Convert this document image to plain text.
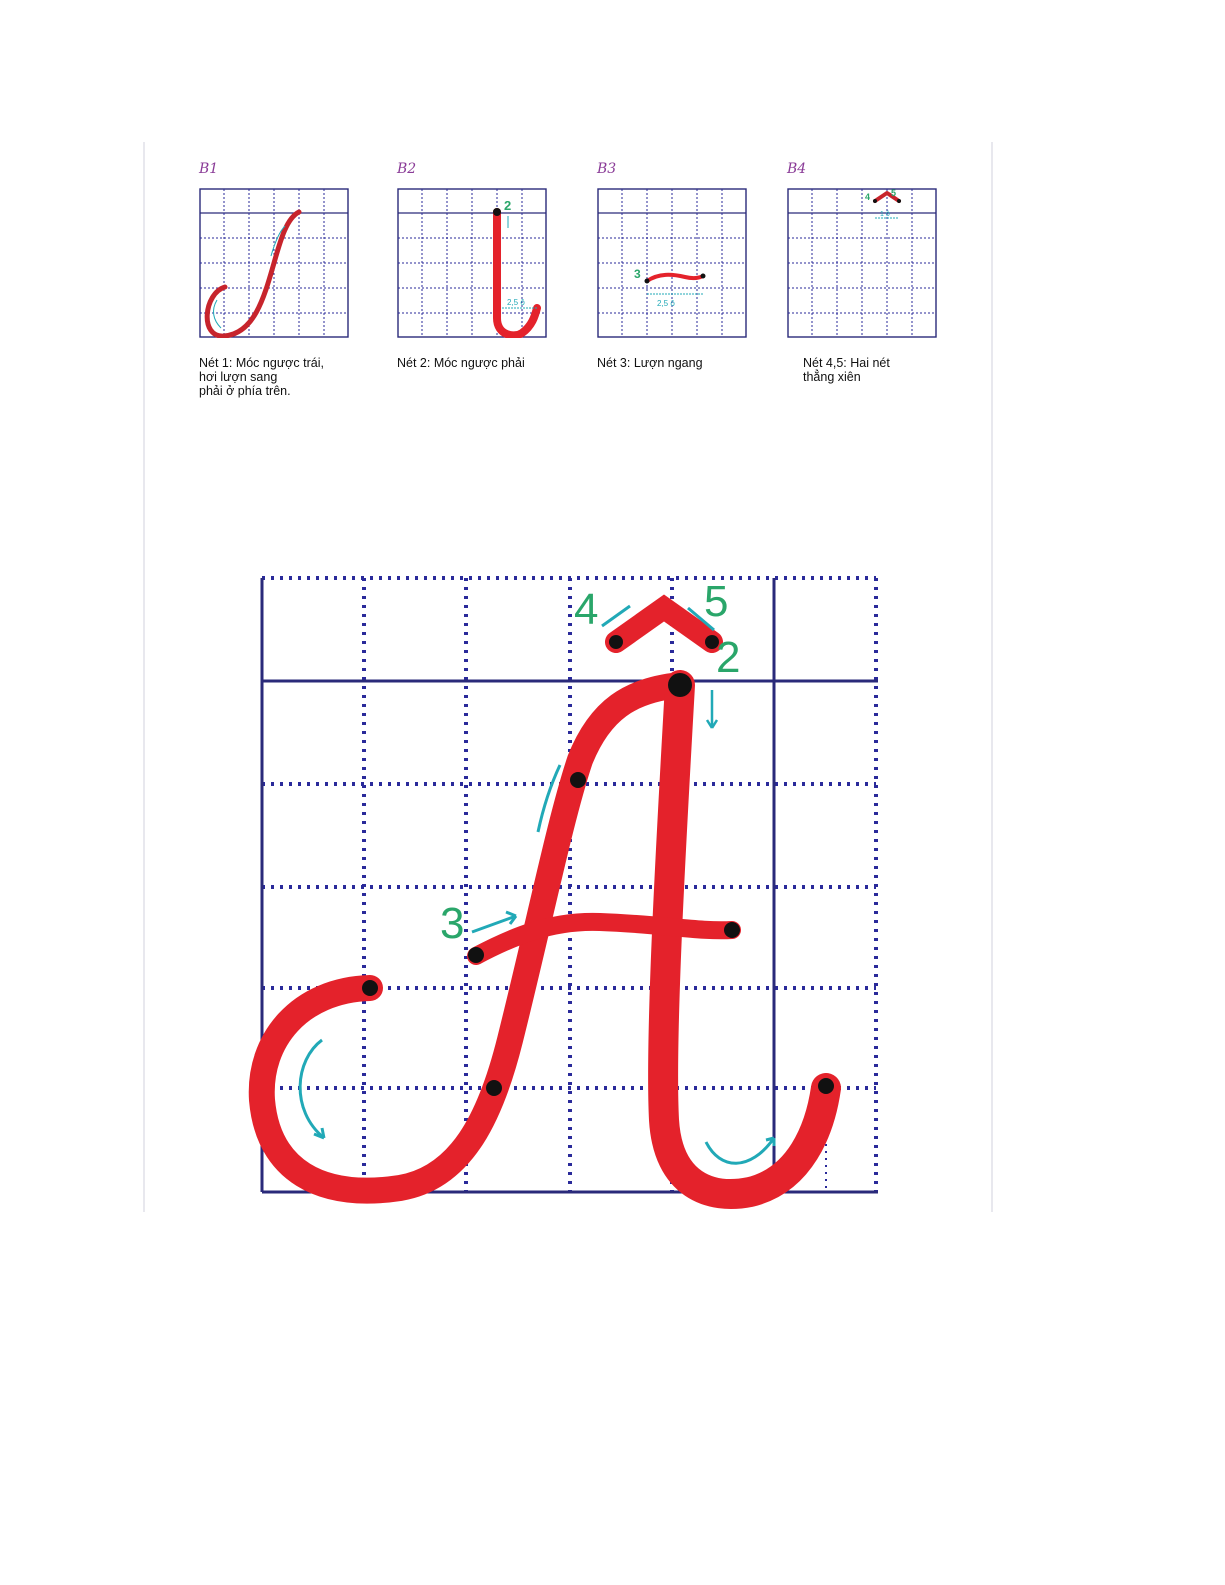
B1
Nét 1: Móc ngược trái,
hơi lượn sang
phải ở phía trên.
B2
2
2,5 ô
Nét 2: Móc ngược phải
B3
3
2,5 ô
Nét 3: Lượn ngang
B4
4 5
1 ô
Nét 4,5: Hai nét
thẳng xiên
4 5
2
3
